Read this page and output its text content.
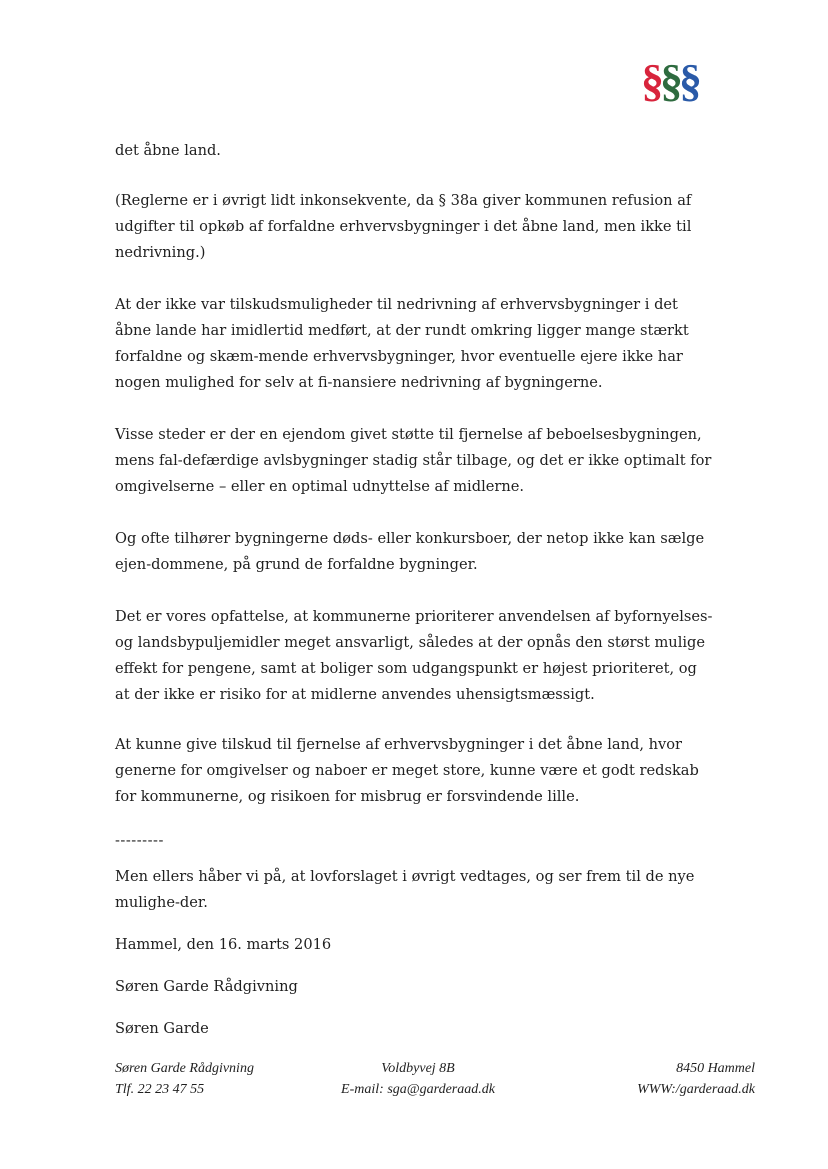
§§§

det åbne land.

(Reglerne er i øvrigt lidt inkonsekvente, da § 38a giver kommunen refusion af udgifter til opkøb af forfaldne erhvervsbygninger i det åbne land, men ikke til nedrivning.)

At der ikke var tilskudsmuligheder til nedrivning af erhvervsbygninger i det åbne lande har imidlertid medført, at der rundt omkring ligger mange stærkt forfaldne og skæm-mende erhvervsbygninger, hvor eventuelle ejere ikke har nogen mulighed for selv at fi-nansiere nedrivning af bygningerne.

Visse steder er der en ejendom givet støtte til fjernelse af beboelsesbygningen, mens fal-defærdige avlsbygninger stadig står tilbage, og det er ikke optimalt for omgivelserne – eller en optimal udnyttelse af midlerne.

Og ofte tilhører bygningerne døds- eller konkursboer, der netop ikke kan sælge ejen-dommene, på grund de forfaldne bygninger.

Det er vores opfattelse, at kommunerne prioriterer anvendelsen af byfornyelses- og landsbypuljemidler meget ansvarligt, således at der opnås den størst mulige effekt for pengene, samt at boliger som udgangspunkt er højest prioriteret, og at der ikke er risiko for at midlerne anvendes uhensigtsmæssigt.

At kunne give tilskud til fjernelse af erhvervsbygninger i det åbne land, hvor generne for omgivelser og naboer er meget store, kunne være et godt redskab for kommunerne, og risikoen for misbrug er forsvindende lille.

---------

Men ellers håber vi på, at lovforslaget i øvrigt vedtages, og ser frem til de nye mulighe-der.

Hammel, den 16. marts 2016

Søren Garde Rådgivning

Søren Garde

Søren Garde Rådgivning
Tlf. 22 23 47 55
Voldbyvej 8B
E-mail: sga@garderaad.dk
8450 Hammel
WWW:/garderaad.dk
